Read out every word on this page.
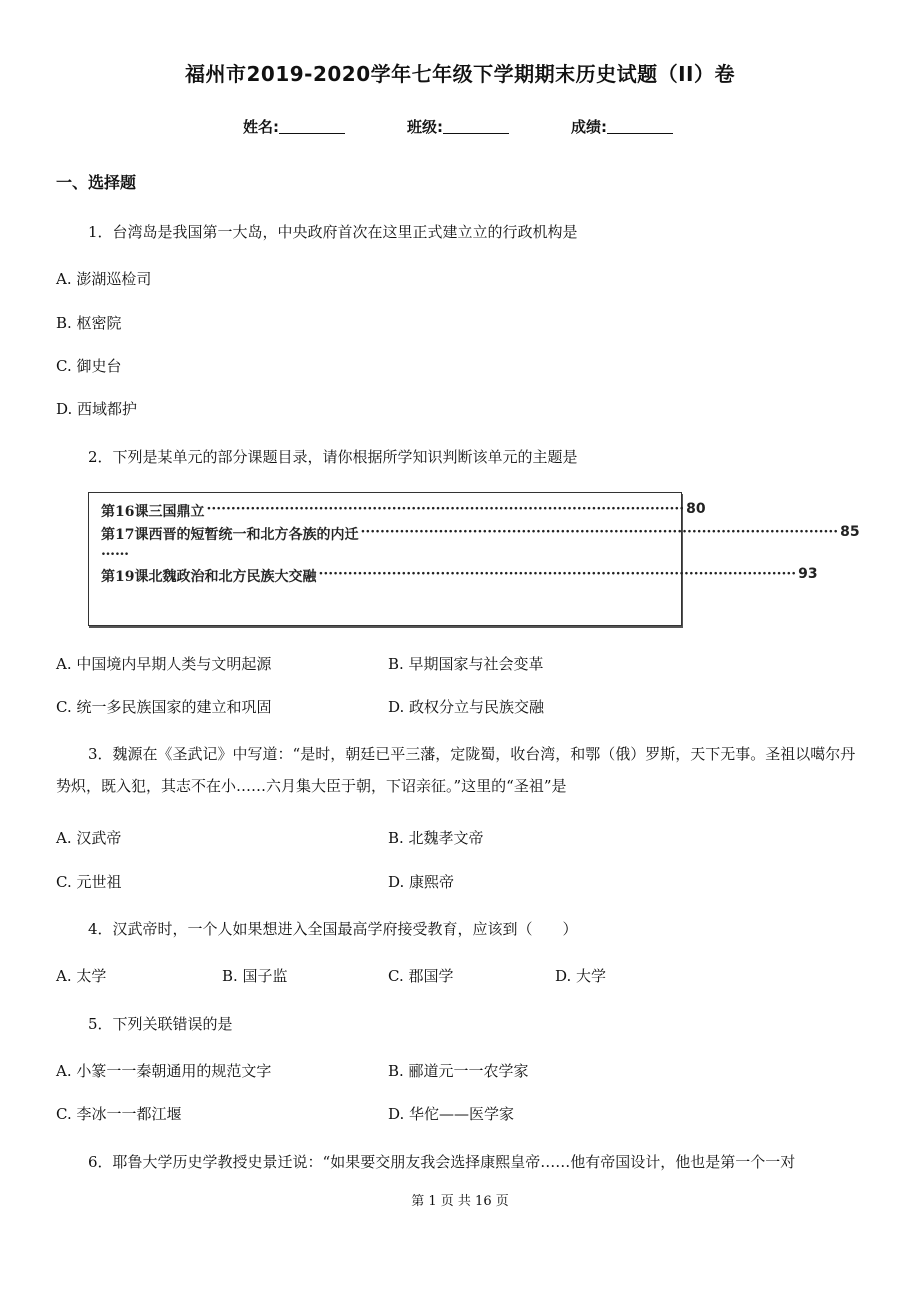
福州市2019-2020学年七年级下学期期末历史试题（II）卷
姓名:	班级:	成绩:
一、选择题
1．台湾岛是我国第一大岛，中央政府首次在这里正式建立立的行政机构是
A. 澎湖巡检司
B. 枢密院
C. 御史台
D. 西域都护
2．下列是某单元的部分课题目录，请你根据所学知识判断该单元的主题是
第16课三国鼎立 ·································································································· 80
第17课西晋的短暂统一和北方各族的内迁 ·································································································· 85
……
第19课北魏政治和北方民族大交融 ·································································································· 93
A. 中国境内早期人类与文明起源	B. 早期国家与社会变革
C. 统一多民族国家的建立和巩固	D. 政权分立与民族交融
3．魏源在《圣武记》中写道：“是时，朝廷已平三藩，定陇蜀，收台湾，和鄂（俄）罗斯，天下无事。圣祖以噶尔丹势炽，既入犯，其志不在小……六月集大臣于朝，下诏亲征。”这里的“圣祖”是
A. 汉武帝	B. 北魏孝文帝
C. 元世祖	D. 康熙帝
4．汉武帝时，一个人如果想进入全国最高学府接受教育，应该到（　　）
A. 太学	B. 国子监	C. 郡国学	D. 大学
5．下列关联错误的是
A. 小篆一一秦朝通用的规范文字	B. 郦道元一一农学家
C. 李冰一一都江堰	D. 华佗——医学家
6．耶鲁大学历史学教授史景迁说：“如果要交朋友我会选择康熙皇帝……他有帝国设计，他也是第一个一对
第 1 页 共 16 页
